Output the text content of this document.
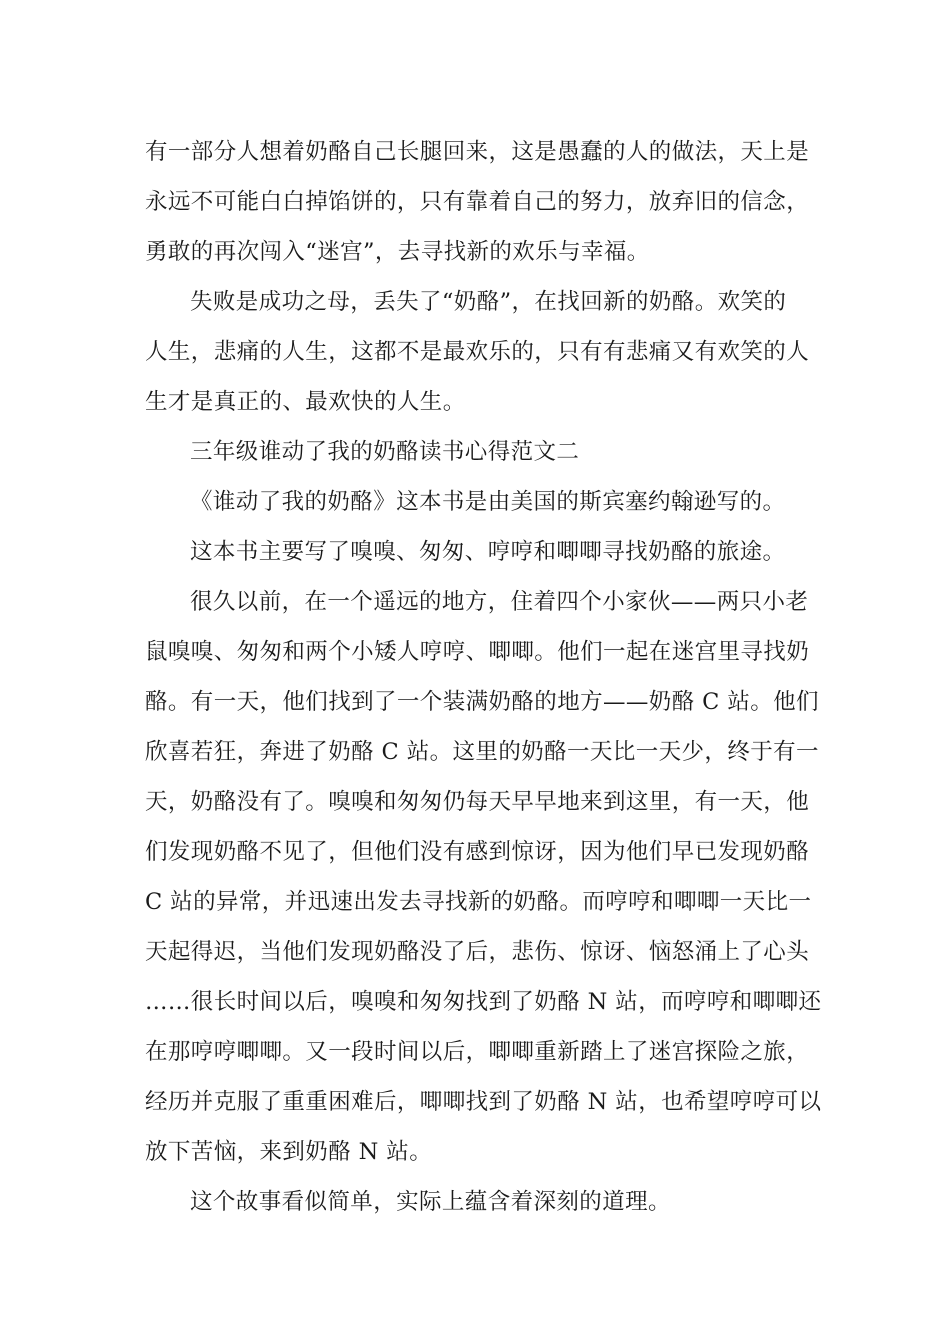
有一部分人想着奶酪自己长腿回来，这是愚蠢的人的做法，天上是
永远不可能白白掉馅饼的，只有靠着自己的努力，放弃旧的信念，
勇敢的再次闯入“迷宫”，去寻找新的欢乐与幸福。
失败是成功之母，丢失了“奶酪”，在找回新的奶酪。欢笑的
人生，悲痛的人生，这都不是最欢乐的，只有有悲痛又有欢笑的人
生才是真正的、最欢快的人生。
三年级谁动了我的奶酪读书心得范文二
《谁动了我的奶酪》这本书是由美国的斯宾塞约翰逊写的。
这本书主要写了嗅嗅、匆匆、哼哼和唧唧寻找奶酪的旅途。
很久以前，在一个遥远的地方，住着四个小家伙——两只小老
鼠嗅嗅、匆匆和两个小矮人哼哼、唧唧。他们一起在迷宫里寻找奶
酪。有一天，他们找到了一个装满奶酪的地方——奶酪 C 站。他们
欣喜若狂，奔进了奶酪 C 站。这里的奶酪一天比一天少，终于有一
天，奶酪没有了。嗅嗅和匆匆仍每天早早地来到这里，有一天，他
们发现奶酪不见了，但他们没有感到惊讶，因为他们早已发现奶酪
C 站的异常，并迅速出发去寻找新的奶酪。而哼哼和唧唧一天比一
天起得迟，当他们发现奶酪没了后，悲伤、惊讶、恼怒涌上了心头
……很长时间以后，嗅嗅和匆匆找到了奶酪 N 站，而哼哼和唧唧还
在那哼哼唧唧。又一段时间以后，唧唧重新踏上了迷宫探险之旅，
经历并克服了重重困难后，唧唧找到了奶酪 N 站，也希望哼哼可以
放下苦恼，来到奶酪 N 站。
这个故事看似简单，实际上蕴含着深刻的道理。
